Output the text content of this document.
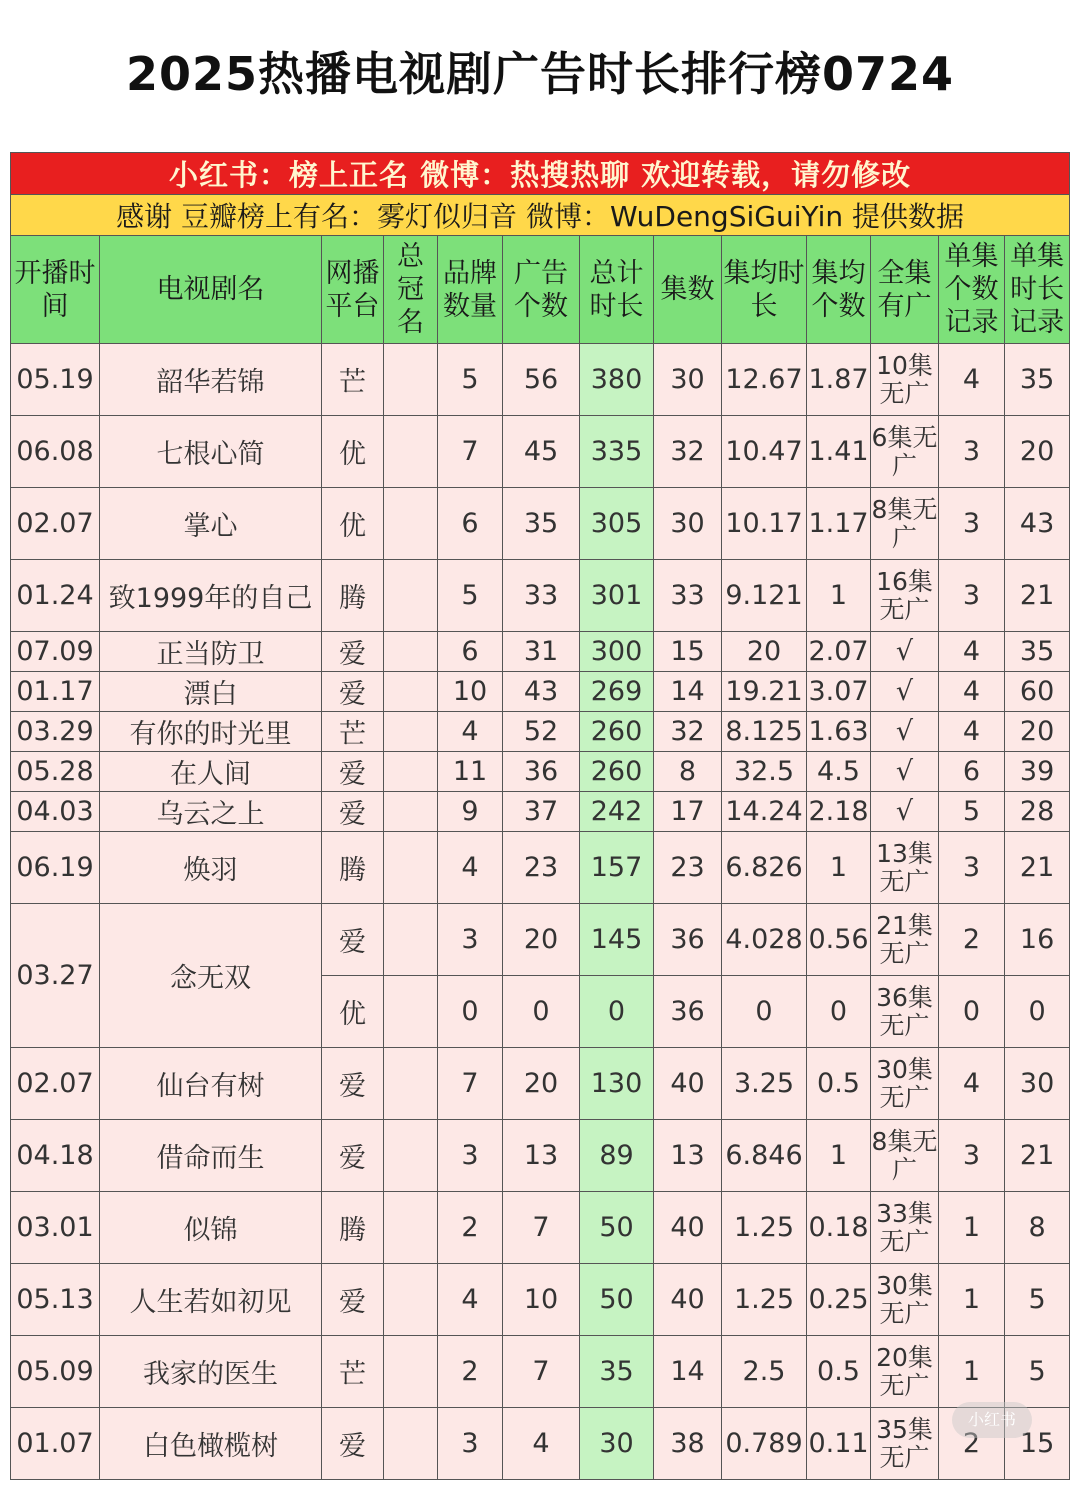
2025热播电视剧广告时长排行榜0724
小红书：榜上正名 微博：热搜热聊 欢迎转载，请勿修改												
感谢 豆瓣榜上有名：雾灯似归音 微博：WuDengSiGuiYin 提供数据												
开播时间	电视剧名	网播平台	总冠名	品牌数量	广告个数	总计时长	集数	集均时长	集均个数	全集有广	单集个数记录	单集时长记录
05.19	韶华若锦	芒		5	56	380	30	12.67	1.87	10集无广	4	35
06.08	七根心简	优		7	45	335	32	10.47	1.41	6集无广	3	20
02.07	掌心	优		6	35	305	30	10.17	1.17	8集无广	3	43
01.24	致1999年的自己	腾		5	33	301	33	9.121	1	16集无广	3	21
07.09	正当防卫	爱		6	31	300	15	20	2.07	√	4	35
01.17	漂白	爱		10	43	269	14	19.21	3.07	√	4	60
03.29	有你的时光里	芒		4	52	260	32	8.125	1.63	√	4	20
05.28	在人间	爱		11	36	260	8	32.5	4.5	√	6	39
04.03	乌云之上	爱		9	37	242	17	14.24	2.18	√	5	28
06.19	焕羽	腾		4	23	157	23	6.826	1	13集无广	3	21
03.27	念无双	爱		3	20	145	36	4.028	0.56	21集无广	2	16
		优		0	0	0	36	0	0	36集无广	0	0
02.07	仙台有树	爱		7	20	130	40	3.25	0.5	30集无广	4	30
04.18	借命而生	爱		3	13	89	13	6.846	1	8集无广	3	21
03.01	似锦	腾		2	7	50	40	1.25	0.18	33集无广	1	8
05.13	人生若如初见	爱		4	10	50	40	1.25	0.25	30集无广	1	5
05.09	我家的医生	芒		2	7	35	14	2.5	0.5	20集无广	1	5
01.07	白色橄榄树	爱		3	4	30	38	0.789	0.11	35集无广	2	15
小红书
